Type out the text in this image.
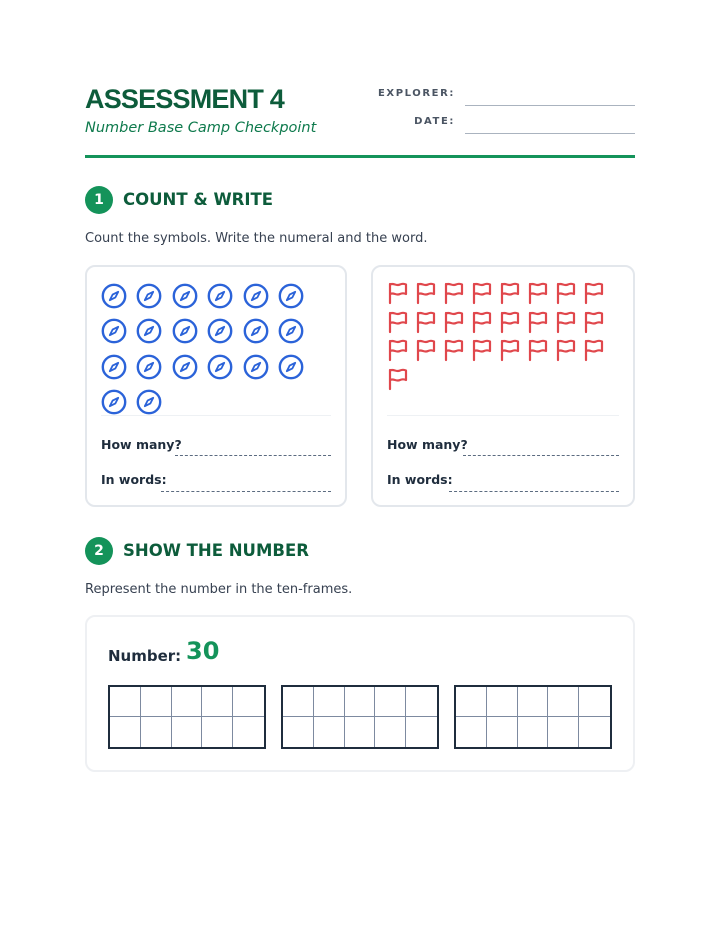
ASSESSMENT 4
Number Base Camp Checkpoint
EXPLORER:
DATE:
1	COUNT & WRITE
Count the symbols. Write the numeral and the word.
How many?
In words:
How many?
In words:
2	SHOW THE NUMBER
Represent the number in the ten-frames.
Number: 30
